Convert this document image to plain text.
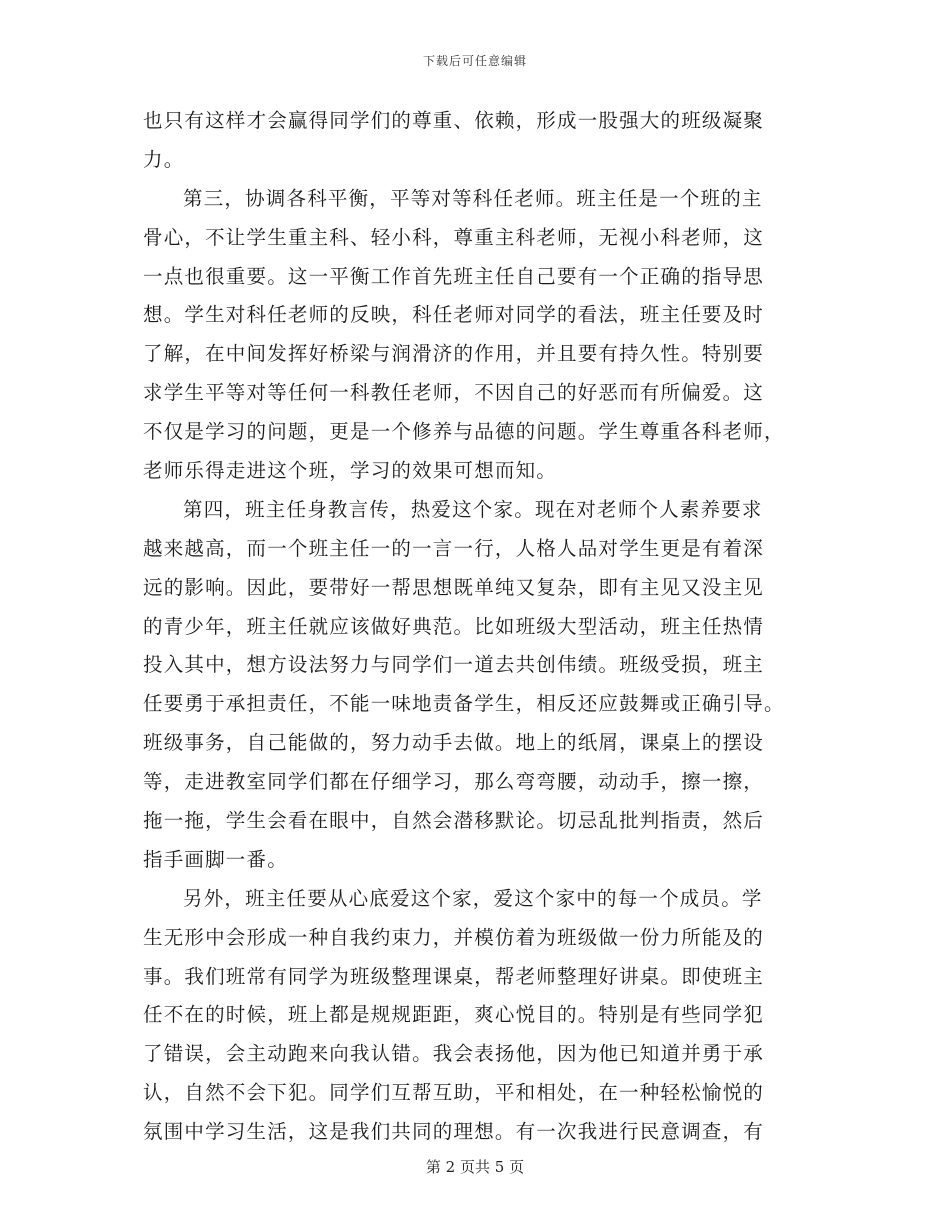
下载后可任意编辑
也只有这样才会赢得同学们的尊重、依赖，形成一股强大的班级凝聚
力。
第三，协调各科平衡，平等对等科任老师。班主任是一个班的主
骨心，不让学生重主科、轻小科，尊重主科老师，无视小科老师，这
一点也很重要。这一平衡工作首先班主任自己要有一个正确的指导思
想。学生对科任老师的反映，科任老师对同学的看法，班主任要及时
了解，在中间发挥好桥梁与润滑济的作用，并且要有持久性。特别要
求学生平等对等任何一科教任老师，不因自己的好恶而有所偏爱。这
不仅是学习的问题，更是一个修养与品德的问题。学生尊重各科老师，
老师乐得走进这个班，学习的效果可想而知。
第四，班主任身教言传，热爱这个家。现在对老师个人素养要求
越来越高，而一个班主任一的一言一行，人格人品对学生更是有着深
远的影响。因此，要带好一帮思想既单纯又复杂，即有主见又没主见
的青少年，班主任就应该做好典范。比如班级大型活动，班主任热情
投入其中，想方设法努力与同学们一道去共创伟绩。班级受损，班主
任要勇于承担责任，不能一味地责备学生，相反还应鼓舞或正确引导。
班级事务，自己能做的，努力动手去做。地上的纸屑，课桌上的摆设
等，走进教室同学们都在仔细学习，那么弯弯腰，动动手，擦一擦，
拖一拖，学生会看在眼中，自然会潜移默论。切忌乱批判指责，然后
指手画脚一番。
另外，班主任要从心底爱这个家，爱这个家中的每一个成员。学
生无形中会形成一种自我约束力，并模仿着为班级做一份力所能及的
事。我们班常有同学为班级整理课桌，帮老师整理好讲桌。即使班主
任不在的时候，班上都是规规距距，爽心悦目的。特别是有些同学犯
了错误，会主动跑来向我认错。我会表扬他，因为他已知道并勇于承
认，自然不会下犯。同学们互帮互助，平和相处，在一种轻松愉悦的
氛围中学习生活，这是我们共同的理想。有一次我进行民意调查，有
第 2 页共 5 页
